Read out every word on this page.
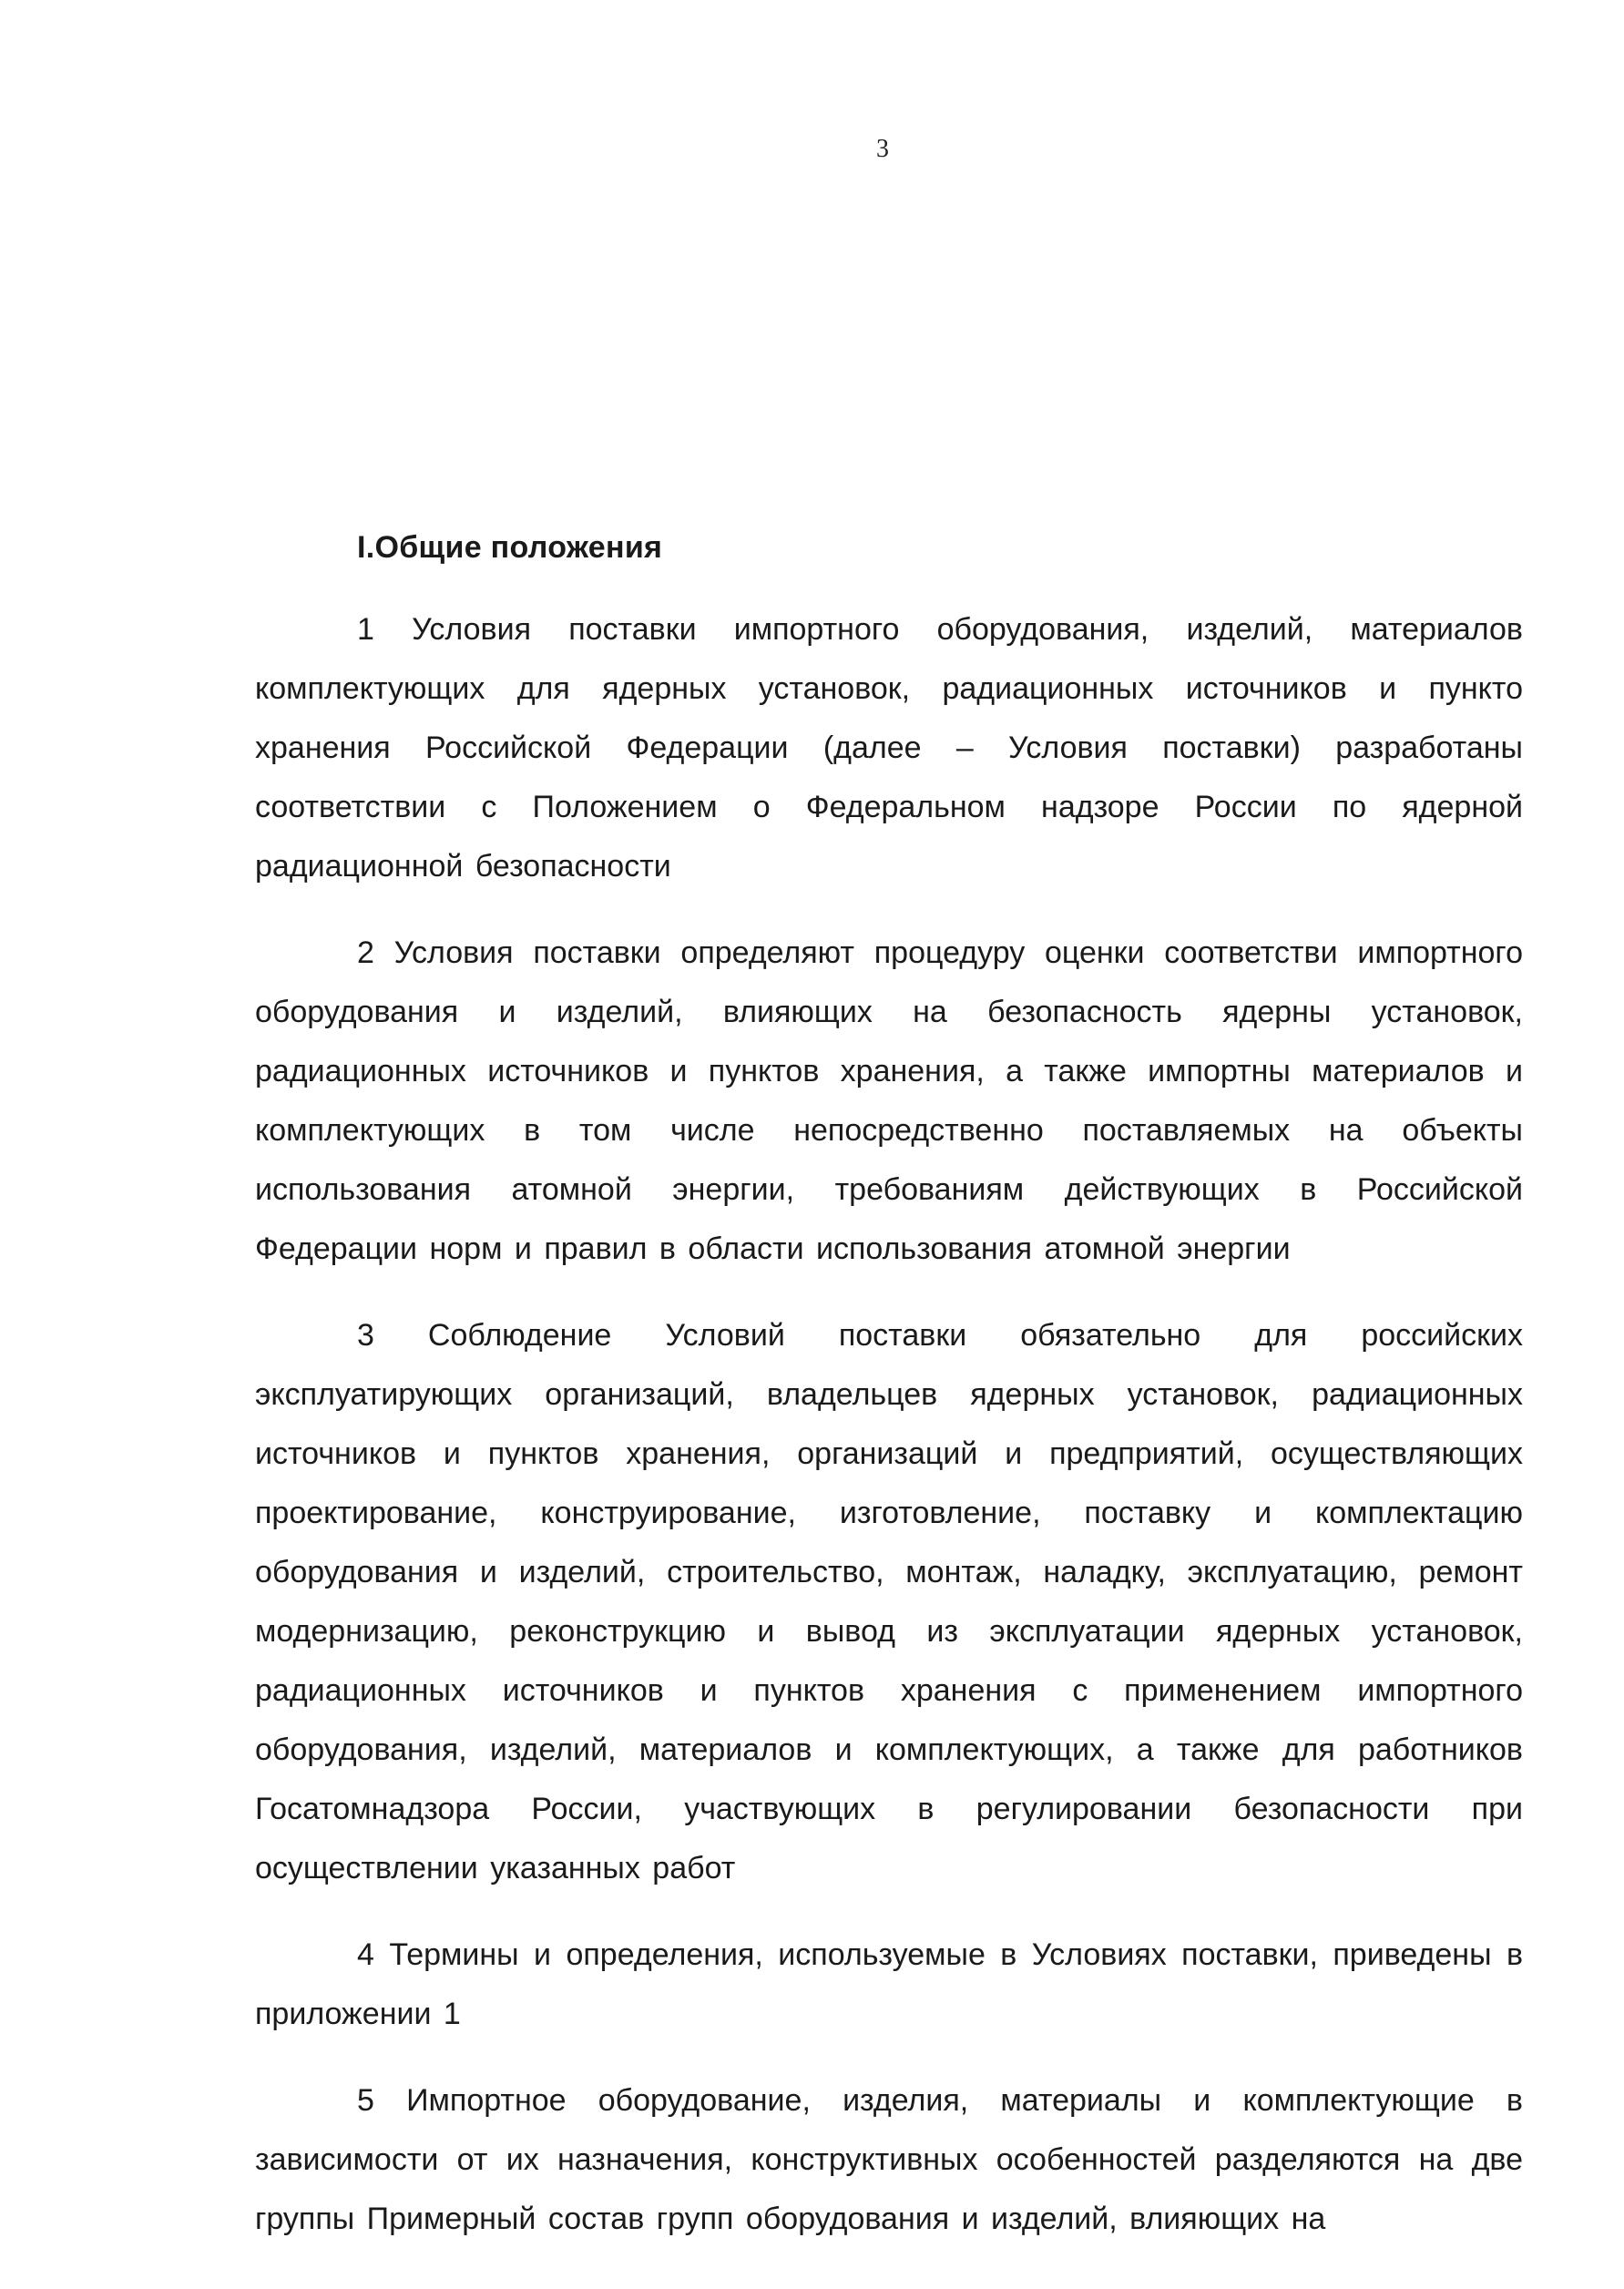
3
I.Общие положения

1 Условия поставки импортного оборудования, изделий, материалов комплектующих для ядерных установок, радиационных источников и пункто хранения Российской Федерации (далее – Условия поставки) разработаны соответствии с Положением о Федеральном надзоре России по ядерной радиационной безопасности

2 Условия поставки определяют процедуру оценки соответстви импортного оборудования и изделий, влияющих на безопасность ядерны установок, радиационных источников и пунктов хранения, а также импортны материалов и комплектующих в том числе непосредственно поставляемых на объекты использования атомной энергии, требованиям действующих в Российской Федерации норм и правил в области использования атомной энергии

3 Соблюдение Условий поставки обязательно для российских эксплуатирующих организаций, владельцев ядерных установок, радиационных источников и пунктов хранения, организаций и предприятий, осуществляющих проектирование, конструирование, изготовление, поставку и комплектацию оборудования и изделий, строительство, монтаж, наладку, эксплуатацию, ремонт модернизацию, реконструкцию и вывод из эксплуатации ядерных установок, радиационных источников и пунктов хранения с применением импортного оборудования, изделий, материалов и комплектующих, а также для работников Госатомнадзора России, участвующих в регулировании безопасности при осуществлении указанных работ

4 Термины и определения, используемые в Условиях поставки, приведены в приложении 1

5 Импортное оборудование, изделия, материалы и комплектующие в зависимости от их назначения, конструктивных особенностей разделяются на две группы Примерный состав групп оборудования и изделий, влияющих на
